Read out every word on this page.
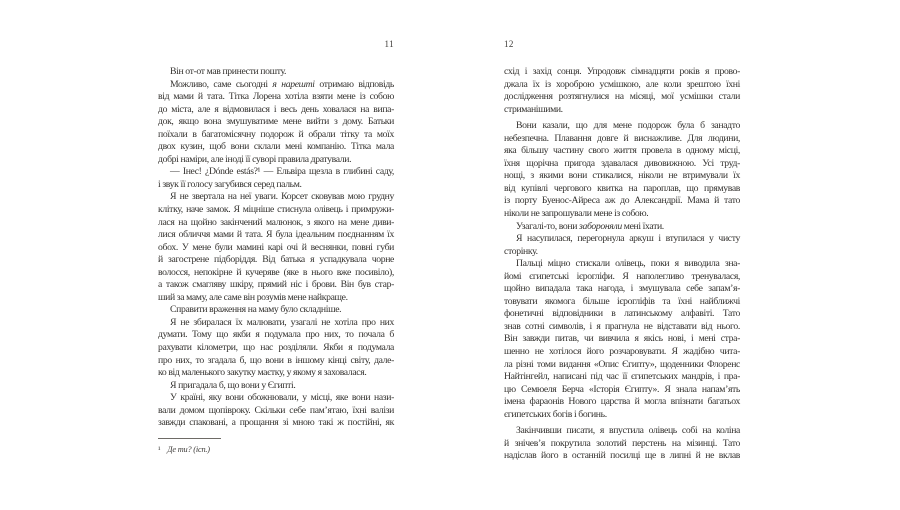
11	12
Він от-от мав принести пошту.
Можливо, саме сьогодні я нарешті отримаю відповідь
від мами й тата. Тітка Лорена хотіла взяти мене із собою
до міста, але я відмовилася і весь день ховалася на випа-
док, якщо вона змушуватиме мене вийти з дому. Батьки
поїхали в багатомісячну подорож й обрали тітку та моїх
двох кузин, щоб вони склали мені компанію. Тітка мала
добрі наміри, але іноді її суворі правила дратували.
— Інес! ¿Dónde estás?¹ — Ельвіра щезла в глибині саду,
і звук її голосу загубився серед пальм.
Я не звертала на неї уваги. Корсет сковував мою грудну
клітку, наче замок. Я міцніше стиснула олівець і примружи-
лася на щойно закінчений малюнок, з якого на мене диви-
лися обличчя мами й тата. Я була ідеальним поєднанням їх
обох. У мене були мамині карі очі й веснянки, повні губи
й загострене підборіддя. Від батька я успадкувала чорне
волосся, непокірне й кучеряве (яке в нього вже посивіло),
а також смагляву шкіру, прямий ніс і брови. Він був стар-
ший за маму, але саме він розумів мене найкраще.
Справити враження на маму було складніше.
Я не збиралася їх малювати, узагалі не хотіла про них
думати. Тому що якби я подумала про них, то почала б
рахувати кілометри, що нас розділяли. Якби я подумала
про них, то згадала б, що вони в іншому кінці світу, дале-
ко від маленького закутку маєтку, у якому я заховалася.
Я пригадала б, що вони у Єгипті.
У країні, яку вони обожнювали, у місці, яке вони нази-
вали домом щопівроку. Скільки себе пам’ятаю, їхні валізи
завжди спаковані, а прощання зі мною такі ж постійні, як
схід і захід сонця. Упродовж сімнадцяти років я прово-
джала їх із хороброю усмішкою, але коли зрештою їхні
дослідження розтягнулися на місяці, мої усмішки стали
стриманішими.
Вони казали, що для мене подорож була б занадто
небезпечна. Плавання довге й виснажливе. Для людини,
яка більшу частину свого життя провела в одному місці,
їхня щорічна пригода здавалася дивовижною. Усі труд-
нощі, з якими вони стикалися, ніколи не втримували їх
від купівлі чергового квитка на пароплав, що прямував
із порту Буенос-Айреса аж до Александрії. Мама й тато
ніколи не запрошували мене із собою.
Узагалі-то, вони забороняли мені їхати.
Я насупилася, перегорнула аркуш і втупилася у чисту
сторінку.
Пальці міцно стискали олівець, поки я виводила зна-
йомі єгипетські ієрогліфи. Я наполегливо тренувалася,
щойно випадала така нагода, і змушувала себе запам’я-
товувати якомога більше ієрогліфів та їхні найближчі
фонетичні відповідники в латинському алфавіті. Тато
знав сотні символів, і я прагнула не відставати від нього.
Він завжди питав, чи вивчила я якісь нові, і мені стра-
шенно не хотілося його розчаровувати. Я жадібно чита-
ла різні томи видання «Опис Єгипту», щоденники Флоренс
Найтінгейл, написані під час її єгипетських мандрів, і пра-
цю Семюеля Берча «Історія Єгипту». Я знала напам’ять
імена фараонів Нового царства й могла впізнати багатьох
єгипетських богів і богинь.
Закінчивши писати, я впустила олівець собі на коліна
й знічев’я покрутила золотий перстень на мізинці. Тато
надіслав його в останній посилці ще в липні й не вклав
¹ Де ти? (ісп.)
